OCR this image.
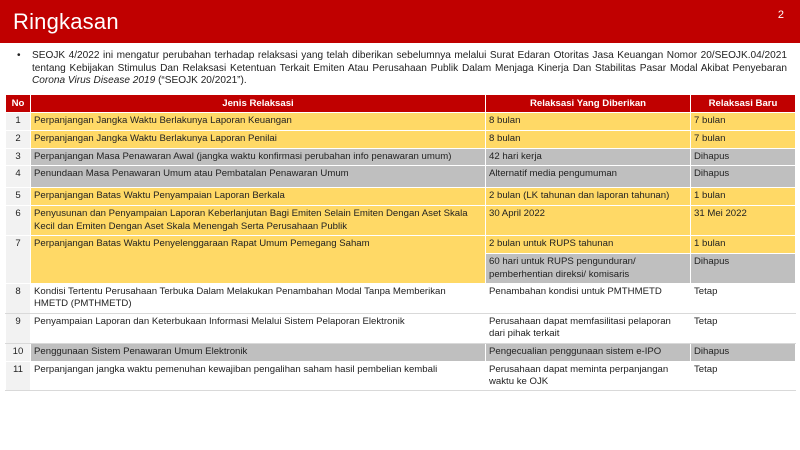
Ringkasan	2
• SEOJK 4/2022 ini mengatur perubahan terhadap relaksasi yang telah diberikan sebelumnya melalui Surat Edaran Otoritas Jasa Keuangan Nomor 20/SEOJK.04/2021 tentang Kebijakan Stimulus Dan Relaksasi Ketentuan Terkait Emiten Atau Perusahaan Publik Dalam Menjaga Kinerja Dan Stabilitas Pasar Modal Akibat Penyebaran Corona Virus Disease 2019 (“SEOJK 20/2021”).
No	Jenis Relaksasi	Relaksasi Yang Diberikan	Relaksasi Baru
1	Perpanjangan Jangka Waktu Berlakunya Laporan Keuangan	8 bulan	7 bulan
2	Perpanjangan Jangka Waktu Berlakunya Laporan Penilai	8 bulan	7 bulan
3	Perpanjangan Masa Penawaran Awal (jangka waktu konfirmasi perubahan info penawaran umum)	42 hari kerja	Dihapus
4	Penundaan Masa Penawaran Umum atau Pembatalan Penawaran Umum	Alternatif media pengumuman	Dihapus
5	Perpanjangan Batas Waktu Penyampaian Laporan Berkala	2 bulan (LK tahunan dan laporan tahunan)	1 bulan
6	Penyusunan dan Penyampaian Laporan Keberlanjutan Bagi Emiten Selain Emiten Dengan Aset Skala Kecil dan Emiten Dengan Aset Skala Menengah Serta Perusahaan Publik	30 April 2022	31 Mei 2022
7	Perpanjangan Batas Waktu Penyelenggaraan Rapat Umum Pemegang Saham	2 bulan untuk RUPS tahunan	1 bulan
		60 hari untuk RUPS pengunduran/ pemberhentian direksi/ komisaris	Dihapus
8	Kondisi Tertentu Perusahaan Terbuka Dalam Melakukan Penambahan Modal Tanpa Memberikan HMETD (PMTHMETD)	Penambahan kondisi untuk PMTHMETD	Tetap
9	Penyampaian Laporan dan Keterbukaan Informasi Melalui Sistem Pelaporan Elektronik	Perusahaan dapat memfasilitasi pelaporan dari pihak terkait	Tetap
10	Penggunaan Sistem Penawaran Umum Elektronik	Pengecualian penggunaan sistem e-IPO	Dihapus
11	Perpanjangan jangka waktu pemenuhan kewajiban pengalihan saham hasil pembelian kembali	Perusahaan dapat meminta perpanjangan waktu ke OJK	Tetap
